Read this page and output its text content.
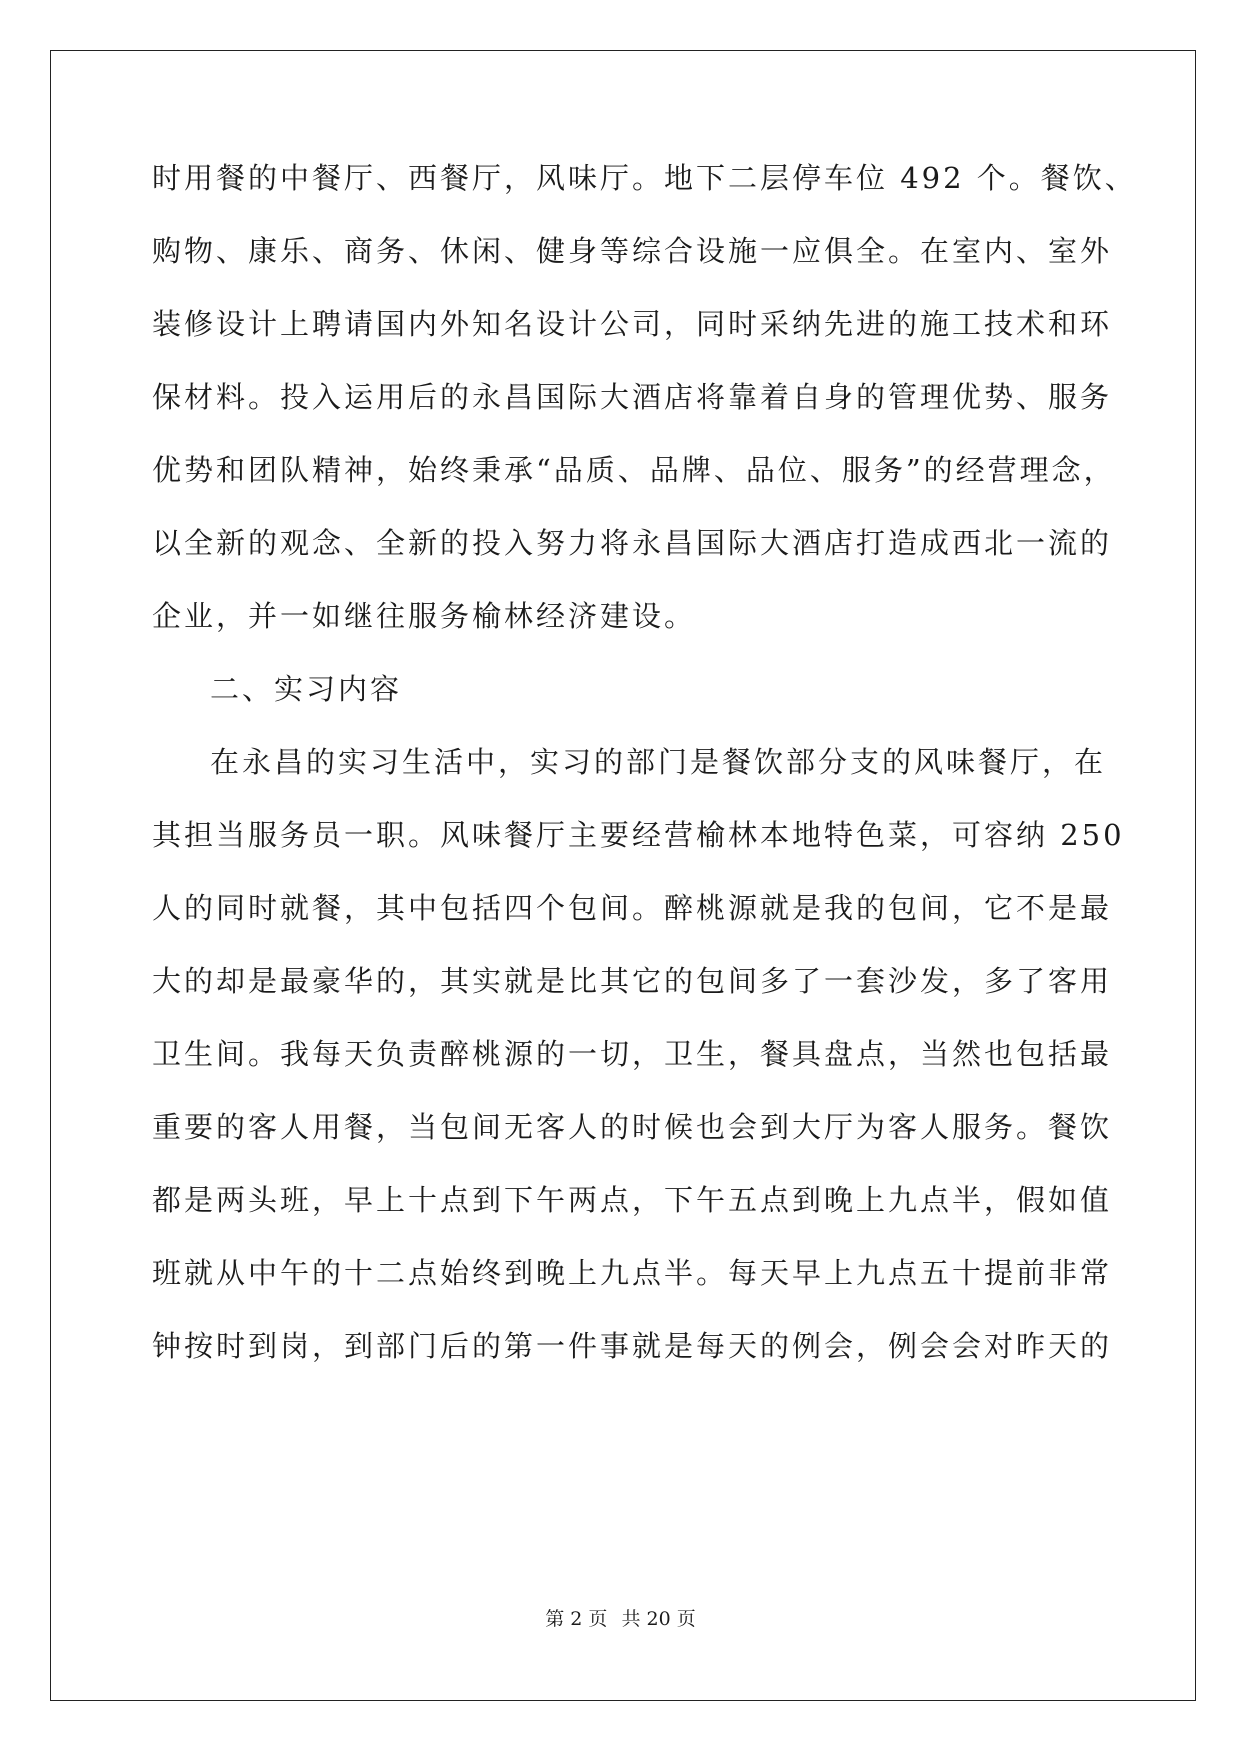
时用餐的中餐厅、西餐厅，风味厅。地下二层停车位 492 个。餐饮、
购物、康乐、商务、休闲、健身等综合设施一应俱全。在室内、室外
装修设计上聘请国内外知名设计公司，同时采纳先进的施工技术和环
保材料。投入运用后的永昌国际大酒店将靠着自身的管理优势、服务
优势和团队精神，始终秉承“品质、品牌、品位、服务”的经营理念，
以全新的观念、全新的投入努力将永昌国际大酒店打造成西北一流的
企业，并一如继往服务榆林经济建设。
二、实习内容
在永昌的实习生活中，实习的部门是餐饮部分支的风味餐厅，在
其担当服务员一职。风味餐厅主要经营榆林本地特色菜，可容纳 250
人的同时就餐，其中包括四个包间。醉桃源就是我的包间，它不是最
大的却是最豪华的，其实就是比其它的包间多了一套沙发，多了客用
卫生间。我每天负责醉桃源的一切，卫生，餐具盘点，当然也包括最
重要的客人用餐，当包间无客人的时候也会到大厅为客人服务。餐饮
都是两头班，早上十点到下午两点，下午五点到晚上九点半，假如值
班就从中午的十二点始终到晚上九点半。每天早上九点五十提前非常
钟按时到岗，到部门后的第一件事就是每天的例会，例会会对昨天的
第 2 页 共 20 页
